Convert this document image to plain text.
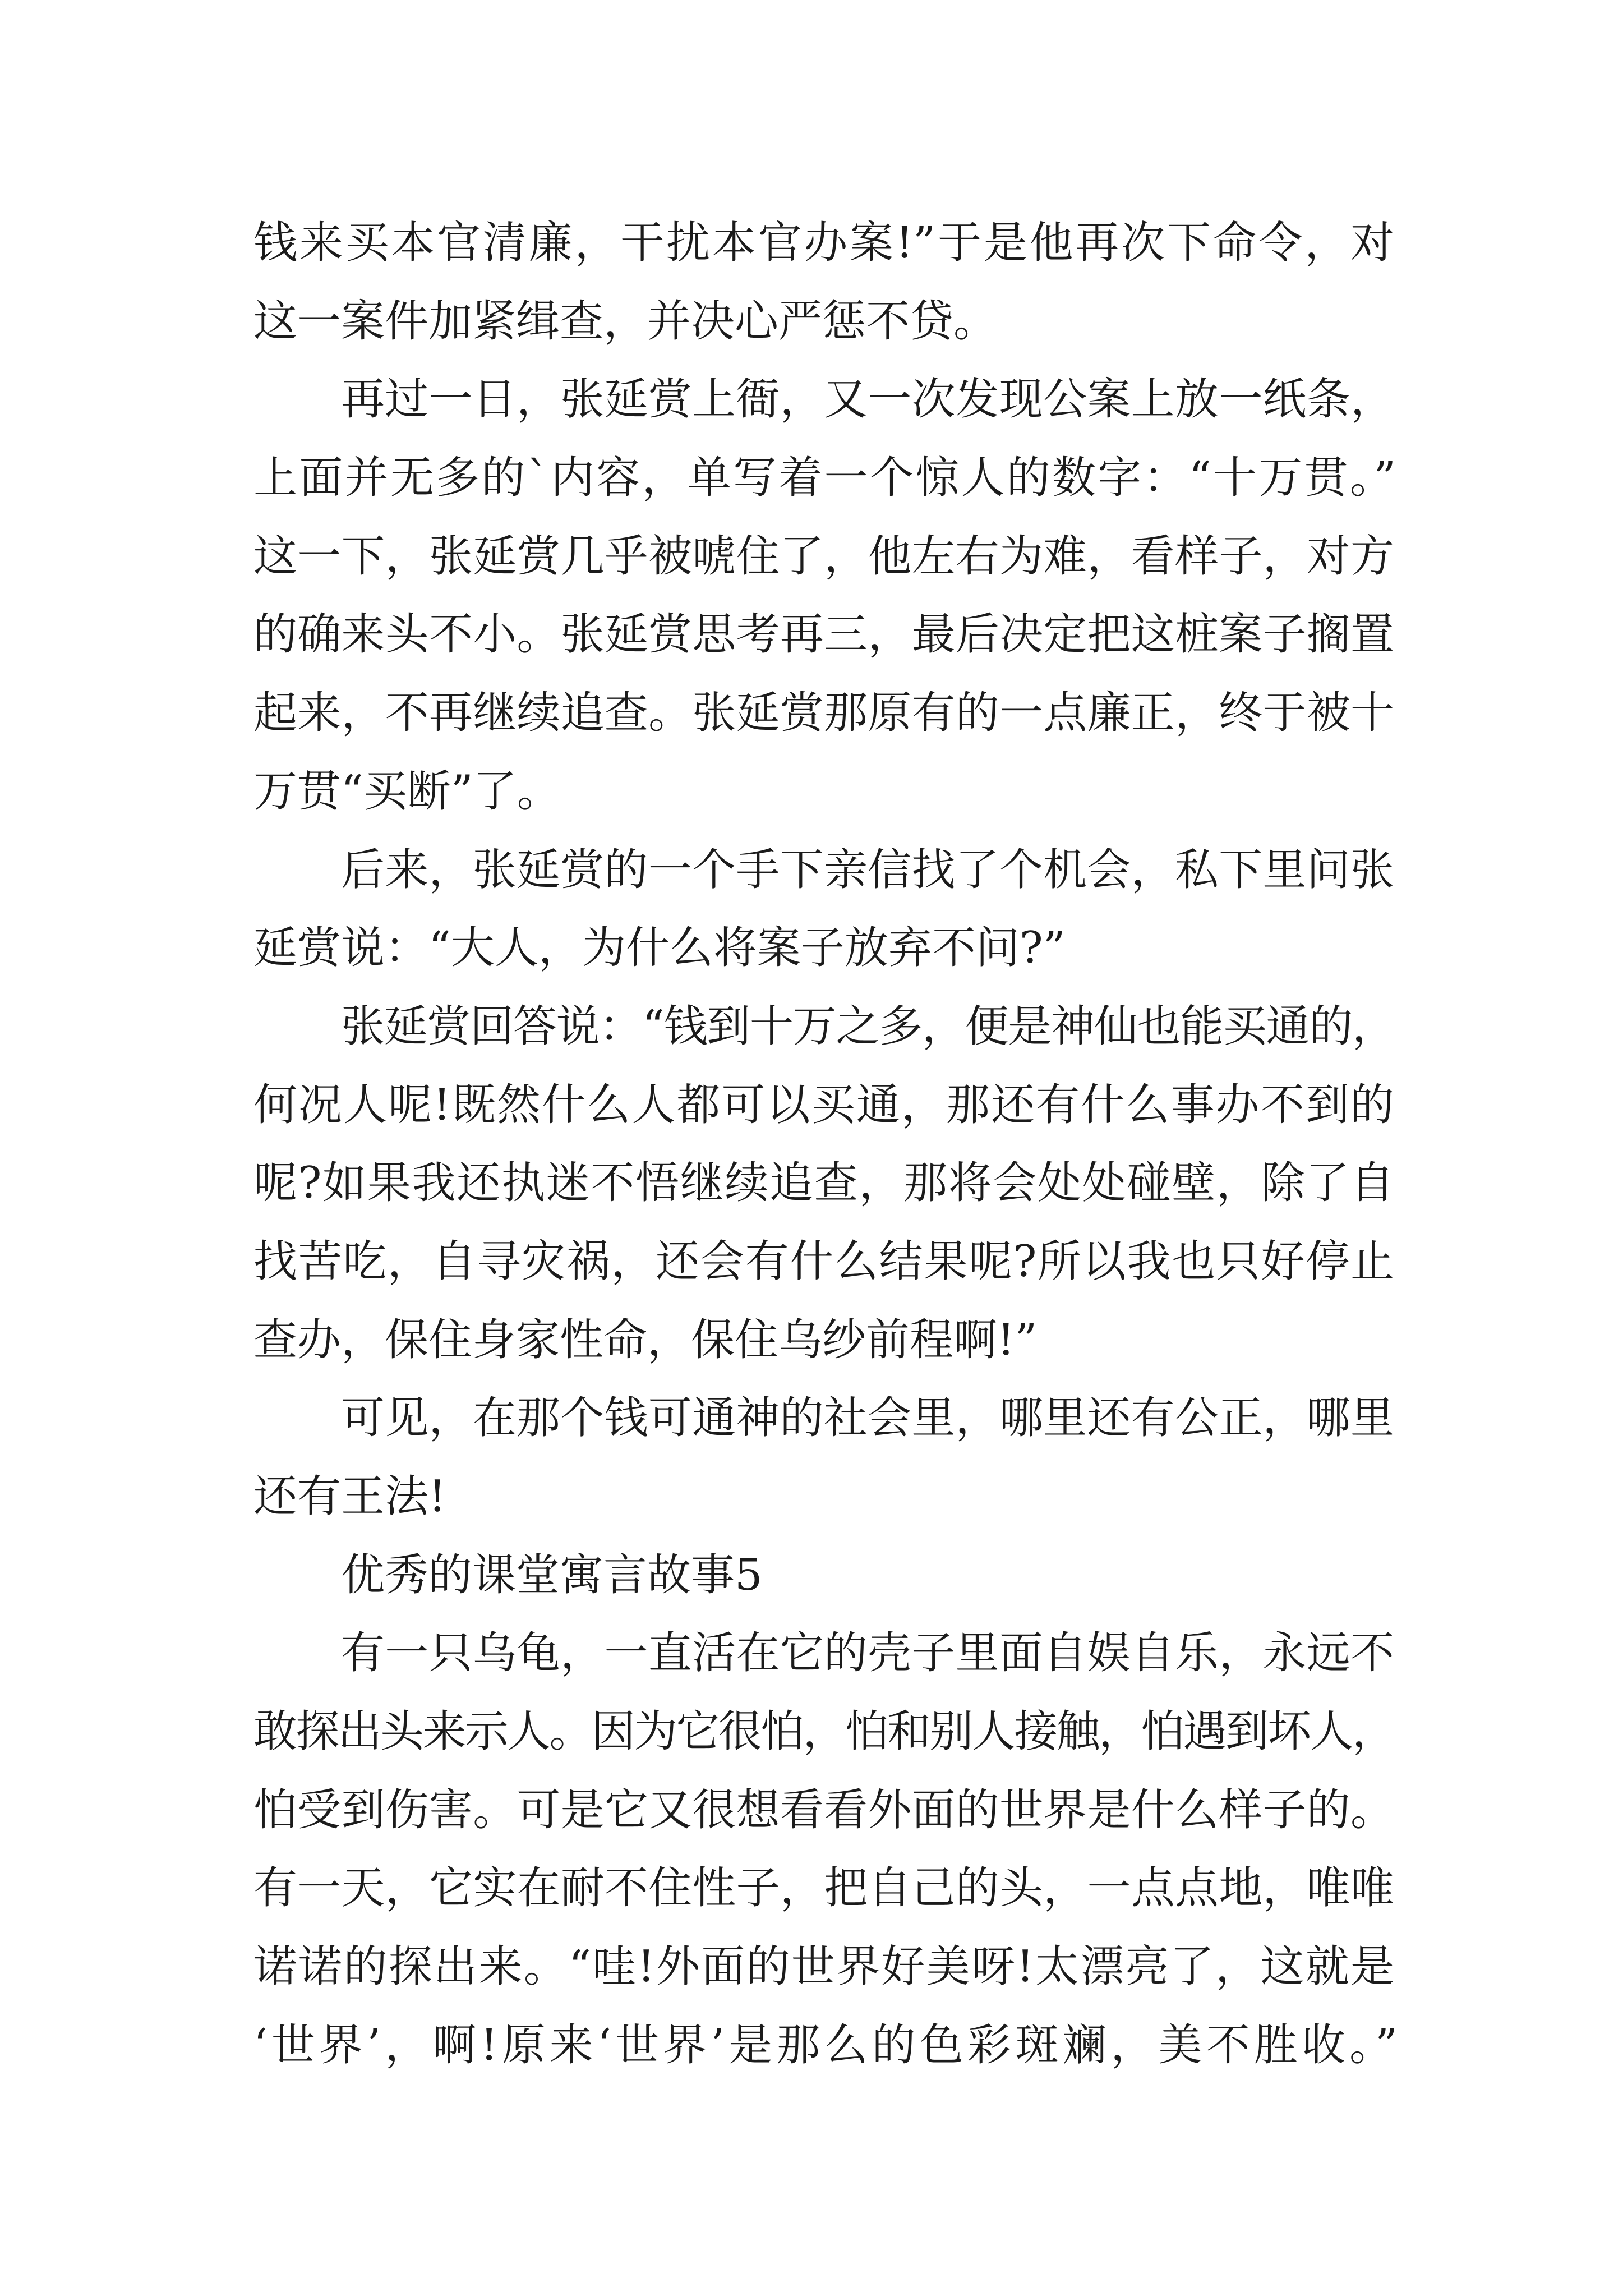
钱来买本官清廉，干扰本官办案!”于是他再次下命令，对
这一案件加紧缉查，并决心严惩不贷。
再过一日，张延赏上衙，又一次发现公案上放一纸条，
上面并无多的`内容，单写着一个惊人的数字：“十万贯。”
这一下，张延赏几乎被唬住了，他左右为难，看样子，对方
的确来头不小。张延赏思考再三，最后决定把这桩案子搁置
起来，不再继续追查。张延赏那原有的一点廉正，终于被十
万贯“买断”了。
后来，张延赏的一个手下亲信找了个机会，私下里问张
延赏说：“大人，为什么将案子放弃不问?”
张延赏回答说：“钱到十万之多，便是神仙也能买通的，
何况人呢!既然什么人都可以买通，那还有什么事办不到的
呢?如果我还执迷不悟继续追查，那将会处处碰壁，除了自
找苦吃，自寻灾祸，还会有什么结果呢?所以我也只好停止
查办，保住身家性命，保住乌纱前程啊!”
可见，在那个钱可通神的社会里，哪里还有公正，哪里
还有王法!
优秀的课堂寓言故事5
有一只乌龟，一直活在它的壳子里面自娱自乐，永远不
敢探出头来示人。因为它很怕，怕和别人接触，怕遇到坏人，
怕受到伤害。可是它又很想看看外面的世界是什么样子的。
有一天，它实在耐不住性子，把自己的头，一点点地，唯唯
诺诺的探出来。“哇!外面的世界好美呀!太漂亮了，这就是
‘世界’，啊!原来‘世界’是那么的色彩斑斓，美不胜收。”
